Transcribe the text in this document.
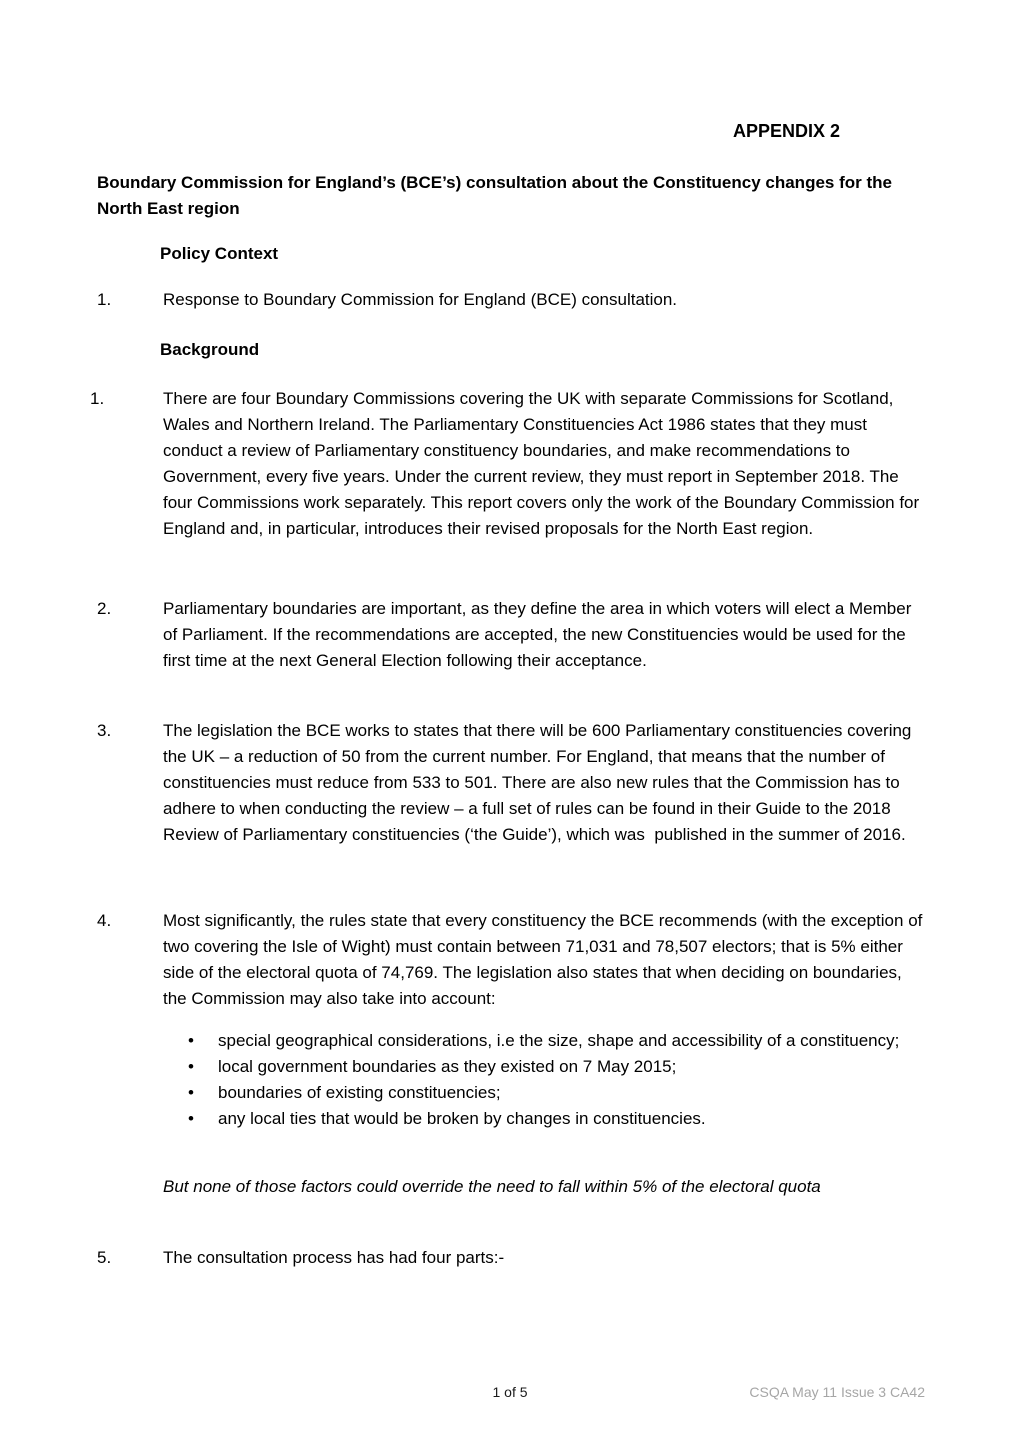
APPENDIX 2
Boundary Commission for England’s (BCE’s) consultation about the Constituency changes for the North East region
Policy Context
1.	Response to Boundary Commission for England (BCE) consultation.
Background
1.	There are four Boundary Commissions covering the UK with separate Commissions for Scotland, Wales and Northern Ireland. The Parliamentary Constituencies Act 1986 states that they must conduct a review of Parliamentary constituency boundaries, and make recommendations to Government, every five years. Under the current review, they must report in September 2018. The four Commissions work separately. This report covers only the work of the Boundary Commission for England and, in particular, introduces their revised proposals for the North East region.
2.	Parliamentary boundaries are important, as they define the area in which voters will elect a Member of Parliament. If the recommendations are accepted, the new Constituencies would be used for the first time at the next General Election following their acceptance.
3.	The legislation the BCE works to states that there will be 600 Parliamentary constituencies covering the UK – a reduction of 50 from the current number. For England, that means that the number of constituencies must reduce from 533 to 501. There are also new rules that the Commission has to adhere to when conducting the review – a full set of rules can be found in their Guide to the 2018 Review of Parliamentary constituencies (‘the Guide’), which was  published in the summer of 2016.
4.	Most significantly, the rules state that every constituency the BCE recommends (with the exception of two covering the Isle of Wight) must contain between 71,031 and 78,507 electors; that is 5% either side of the electoral quota of 74,769. The legislation also states that when deciding on boundaries, the Commission may also take into account:
• special geographical considerations, i.e the size, shape and accessibility of a constituency;
• local government boundaries as they existed on 7 May 2015;
• boundaries of existing constituencies;
• any local ties that would be broken by changes in constituencies.
But none of those factors could override the need to fall within 5% of the electoral quota
5.	The consultation process has had four parts:-
1 of 5	CSQA May 11 Issue 3 CA42
